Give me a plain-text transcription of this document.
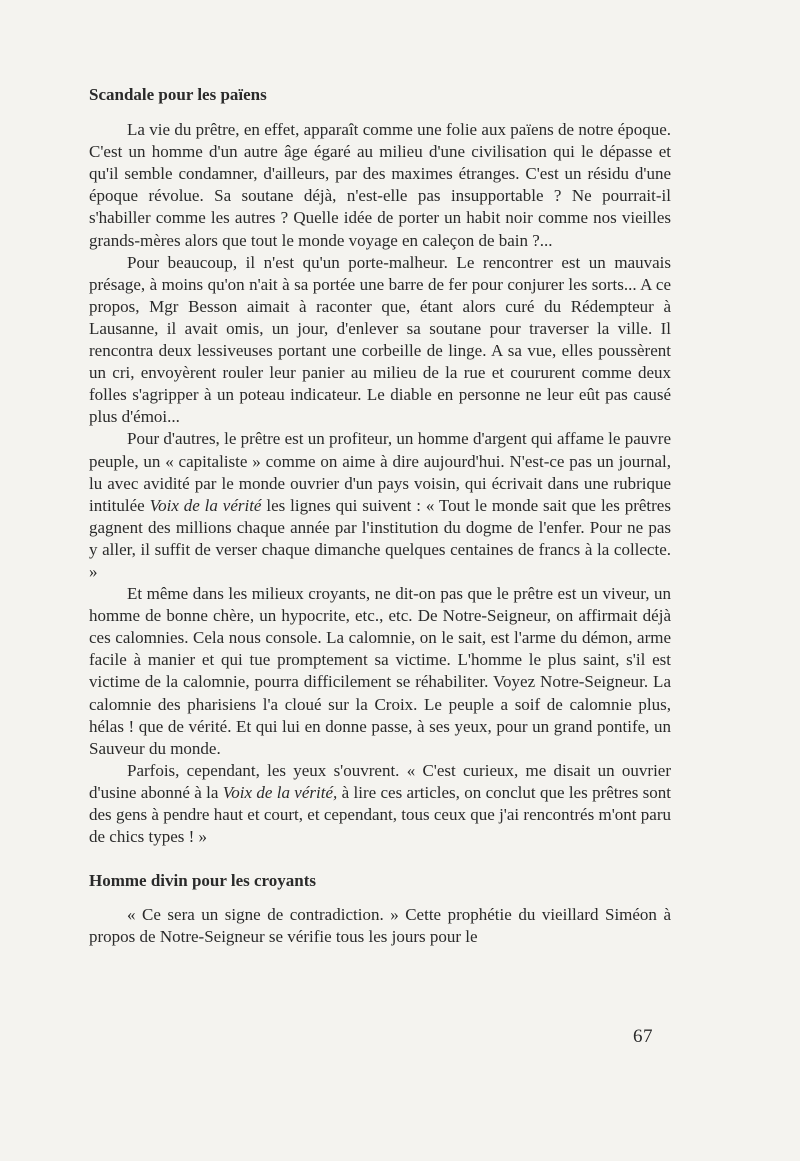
Scandale pour les païens

La vie du prêtre, en effet, apparaît comme une folie aux païens de notre époque. C'est un homme d'un autre âge égaré au milieu d'une civilisation qui le dépasse et qu'il semble condamner, d'ailleurs, par des maximes étranges. C'est un résidu d'une époque révolue. Sa soutane déjà, n'est-elle pas insupportable ? Ne pourrait-il s'habiller comme les autres ? Quelle idée de porter un habit noir comme nos vieilles grands-mères alors que tout le monde voyage en caleçon de bain ?...

Pour beaucoup, il n'est qu'un porte-malheur. Le rencontrer est un mauvais présage, à moins qu'on n'ait à sa portée une barre de fer pour conjurer les sorts... A ce propos, Mgr Besson aimait à raconter que, étant alors curé du Rédempteur à Lausanne, il avait omis, un jour, d'enlever sa soutane pour traverser la ville. Il rencontra deux lessiveuses portant une corbeille de linge. A sa vue, elles poussèrent un cri, envoyèrent rouler leur panier au milieu de la rue et coururent comme deux folles s'agripper à un poteau indicateur. Le diable en personne ne leur eût pas causé plus d'émoi...

Pour d'autres, le prêtre est un profiteur, un homme d'argent qui affame le pauvre peuple, un « capitaliste » comme on aime à dire aujourd'hui. N'est-ce pas un journal, lu avec avidité par le monde ouvrier d'un pays voisin, qui écrivait dans une rubrique intitulée Voix de la vérité les lignes qui suivent : « Tout le monde sait que les prêtres gagnent des millions chaque année par l'institution du dogme de l'enfer. Pour ne pas y aller, il suffit de verser chaque dimanche quelques centaines de francs à la collecte. »

Et même dans les milieux croyants, ne dit-on pas que le prêtre est un viveur, un homme de bonne chère, un hypocrite, etc., etc. De Notre-Seigneur, on affirmait déjà ces calomnies. Cela nous console. La calomnie, on le sait, est l'arme du démon, arme facile à manier et qui tue promptement sa victime. L'homme le plus saint, s'il est victime de la calomnie, pourra difficilement se réhabiliter. Voyez Notre-Seigneur. La calomnie des pharisiens l'a cloué sur la Croix. Le peuple a soif de calomnie plus, hélas ! que de vérité. Et qui lui en donne passe, à ses yeux, pour un grand pontife, un Sauveur du monde.

Parfois, cependant, les yeux s'ouvrent. « C'est curieux, me disait un ouvrier d'usine abonné à la Voix de la vérité, à lire ces articles, on conclut que les prêtres sont des gens à pendre haut et court, et cependant, tous ceux que j'ai rencontrés m'ont paru de chics types ! »

Homme divin pour les croyants

« Ce sera un signe de contradiction. » Cette prophétie du vieillard Siméon à propos de Notre-Seigneur se vérifie tous les jours pour le

67
